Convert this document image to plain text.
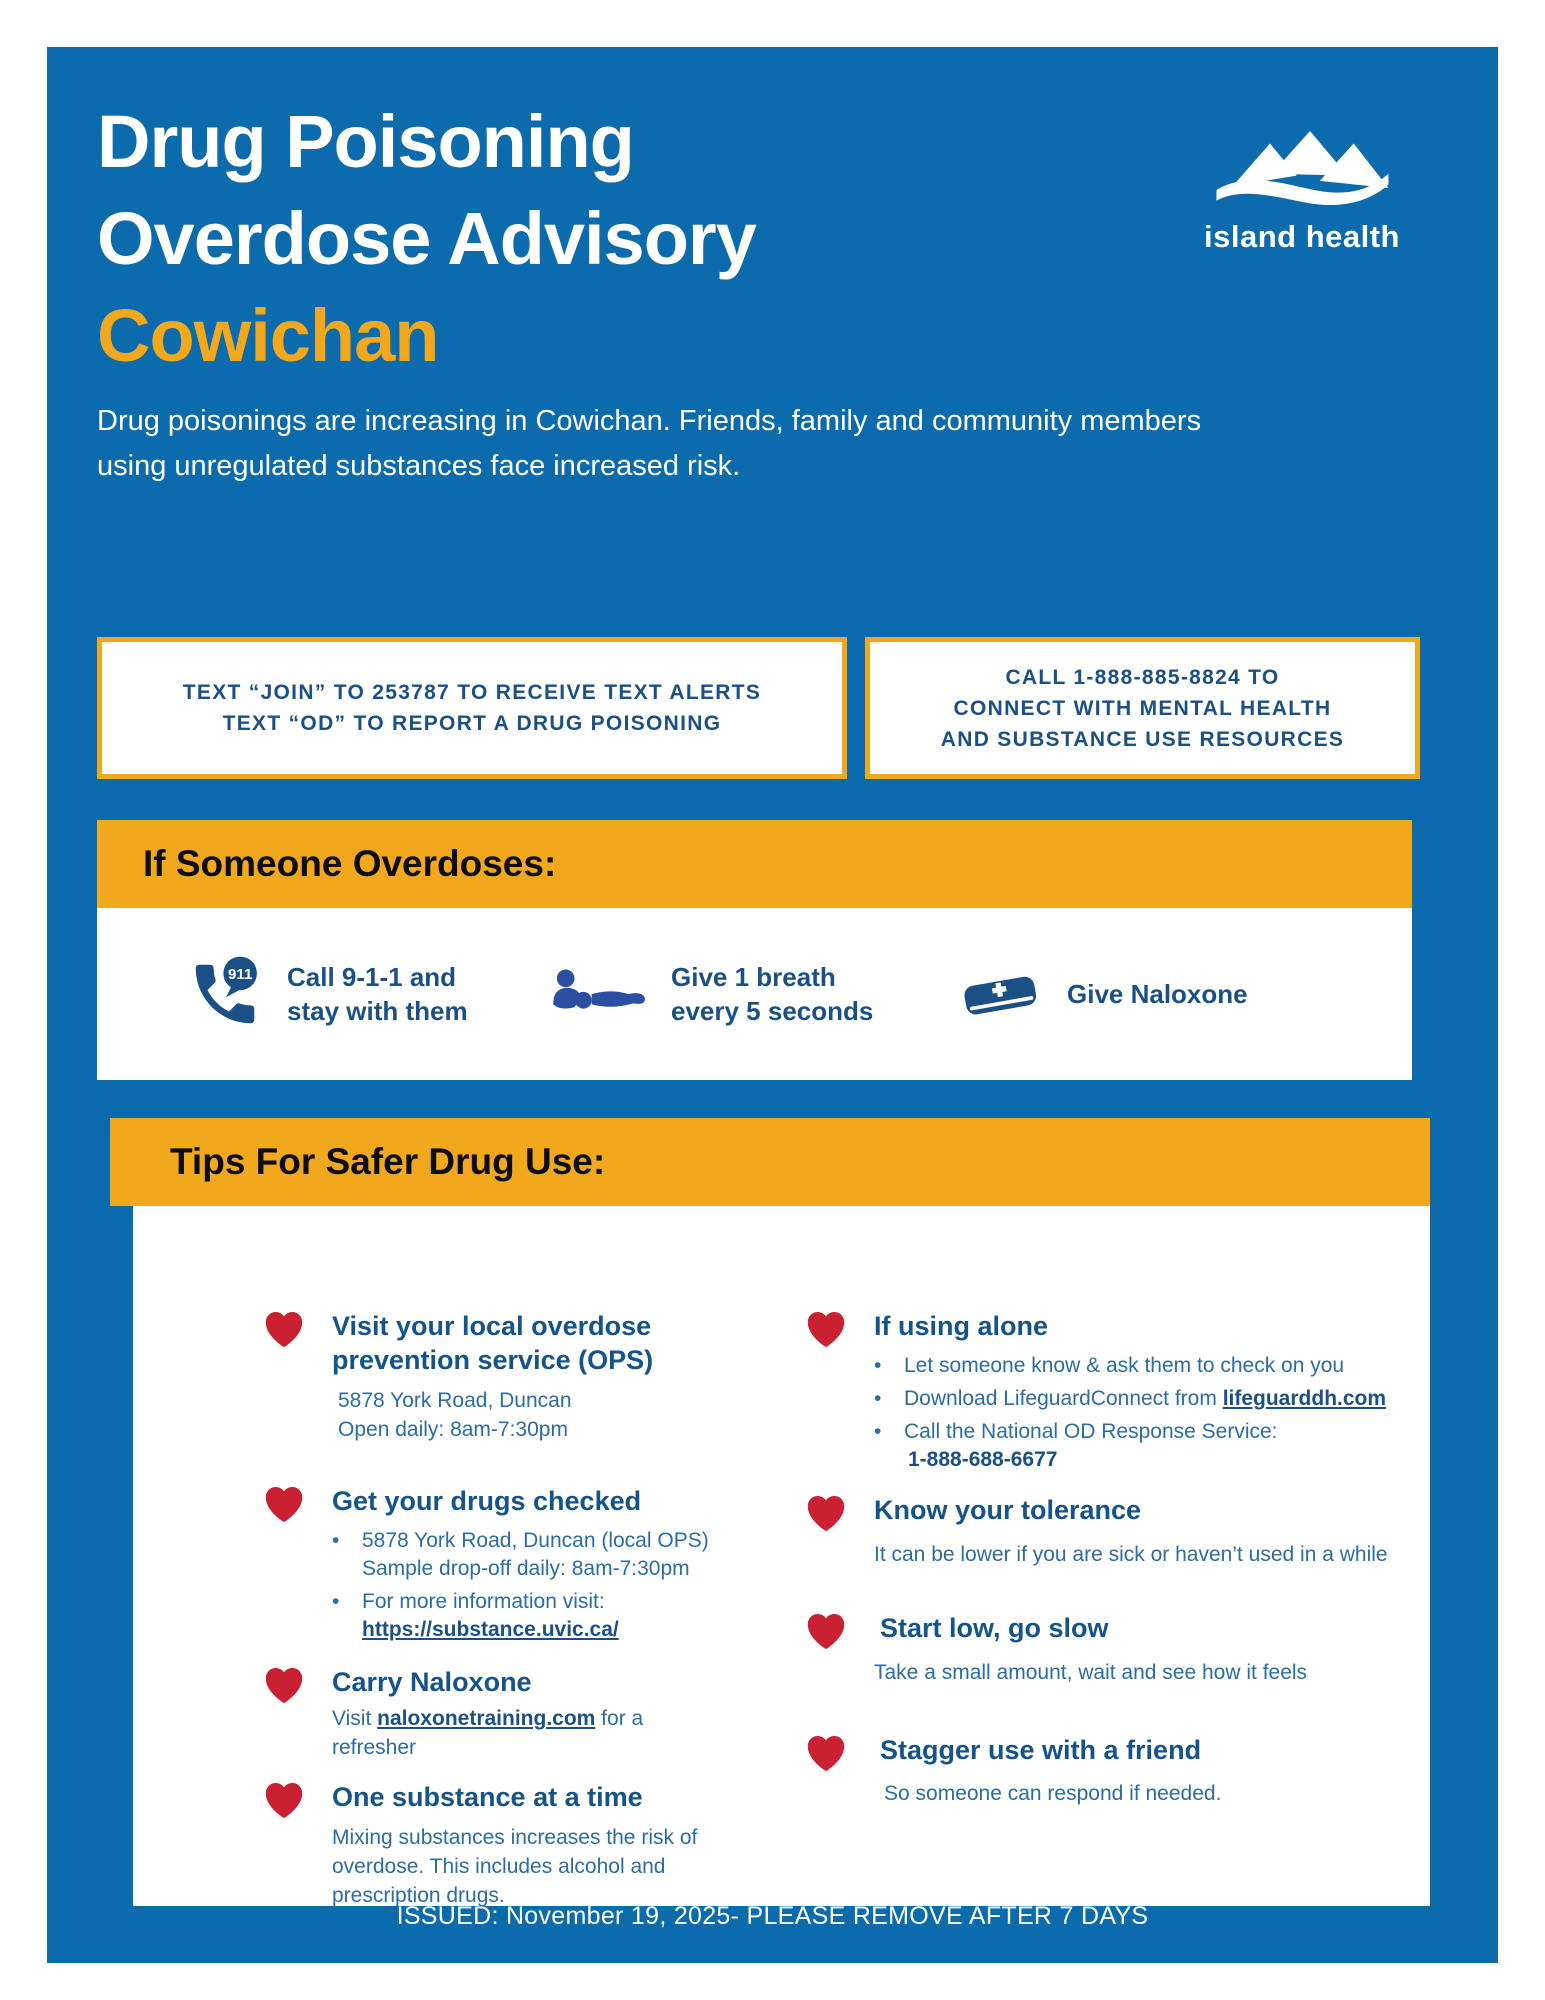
Drug Poisoning
Overdose Advisory
Cowichan
island health

Drug poisonings are increasing in Cowichan. Friends, family and community members
using unregulated substances face increased risk.

TEXT “JOIN” TO 253787 TO RECEIVE TEXT ALERTS
TEXT “OD” TO REPORT A DRUG POISONING
CALL 1-888-885-8824 TO
CONNECT WITH MENTAL HEALTH
AND SUBSTANCE USE RESOURCES
If Someone Overdoses:
911 Call 9-1-1 and
stay with them
Give 1 breath
every 5 seconds
Give Naloxone
Tips For Safer Drug Use:
Visit your local overdose prevention service (OPS)
5878 York Road, Duncan
Open daily: 8am-7:30pm
Get your drugs checked
• 5878 York Road, Duncan (local OPS)
Sample drop-off daily: 8am-7:30pm
• For more information visit:
https://substance.uvic.ca/
Carry Naloxone
Visit naloxonetraining.com for a refresher
One substance at a time
Mixing substances increases the risk of overdose. This includes alcohol and prescription drugs.
If using alone
• Let someone know & ask them to check on you
• Download LifeguardConnect from lifeguarddh.com
• Call the National OD Response Service:
1-888-688-6677
Know your tolerance
It can be lower if you are sick or haven’t used in a while
Start low, go slow
Take a small amount, wait and see how it feels
Stagger use with a friend
So someone can respond if needed.
ISSUED: November 19, 2025- PLEASE REMOVE AFTER 7 DAYS
